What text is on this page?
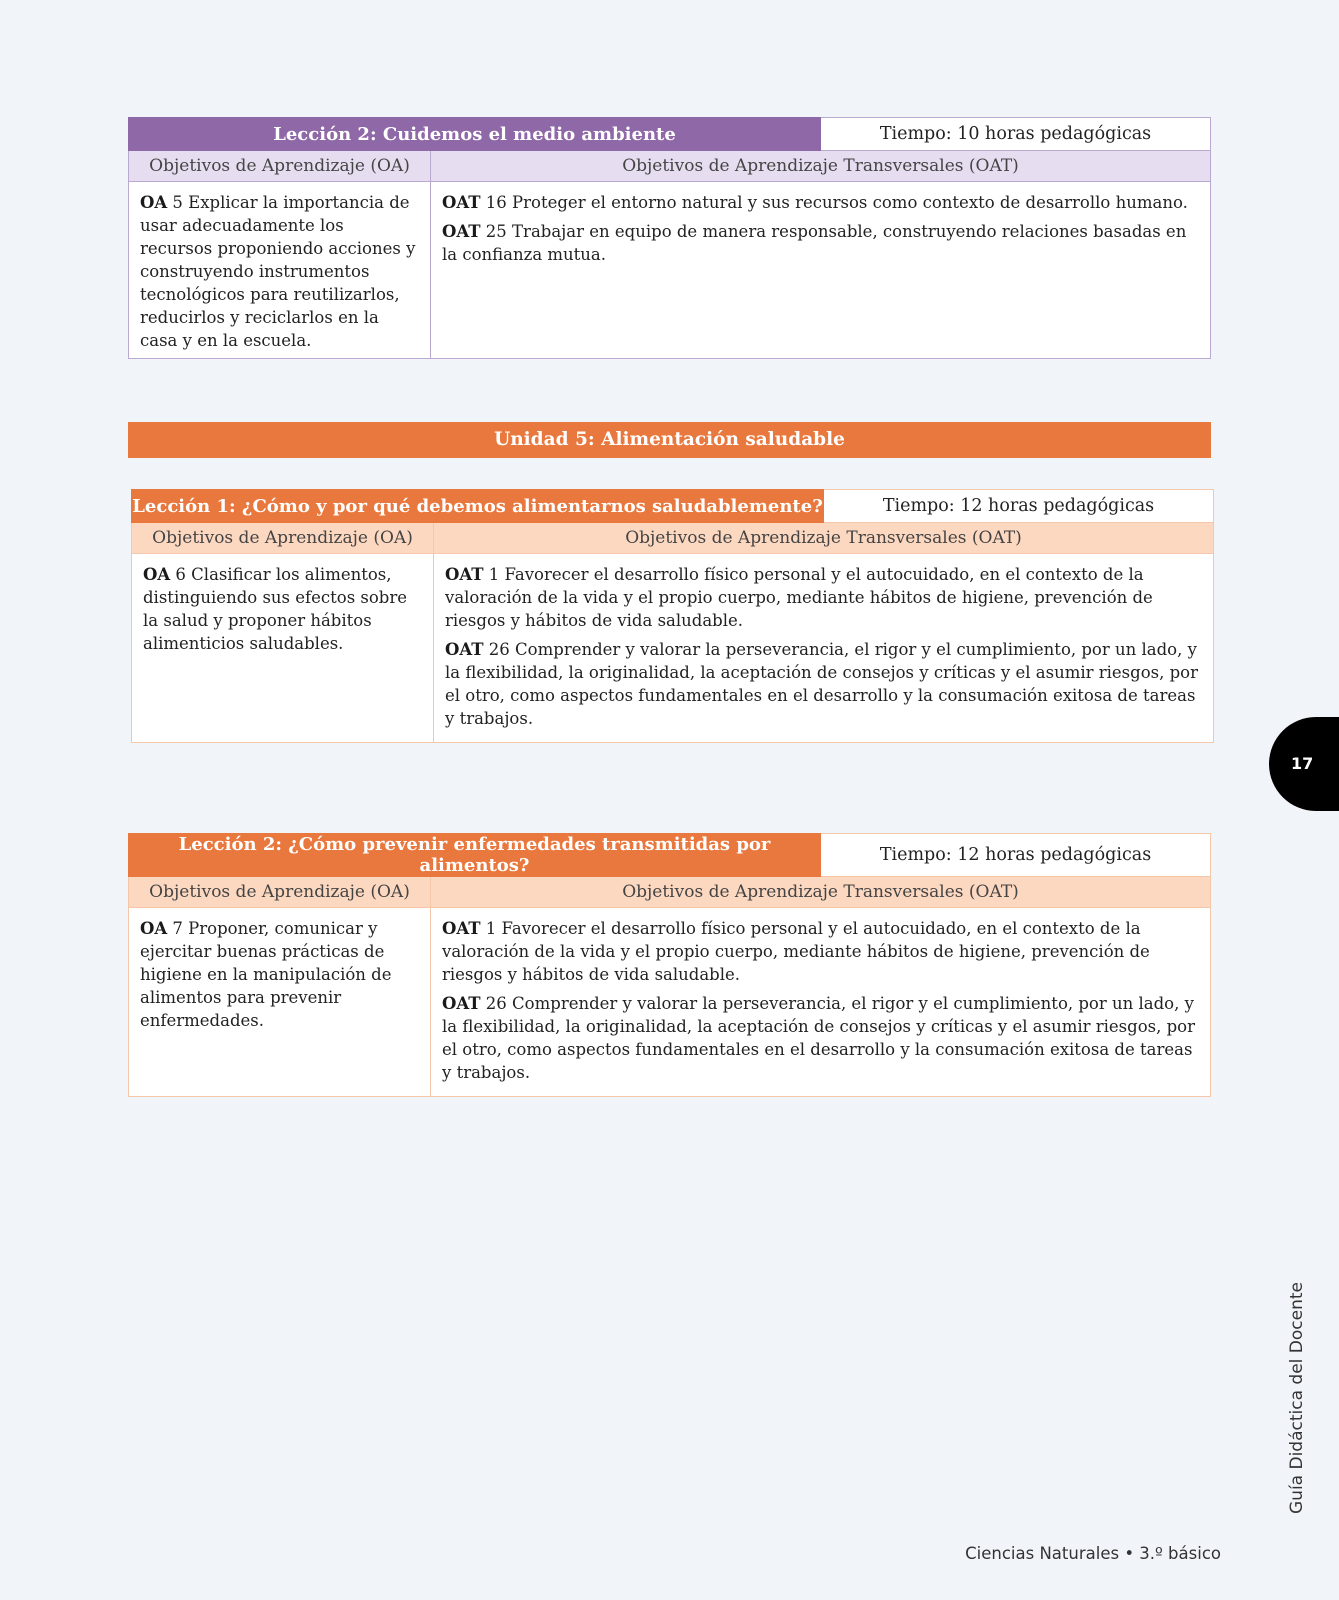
Lección 2: Cuidemos el medio ambiente		Tiempo: 10 horas pedagógicas
Objetivos de Aprendizaje (OA)	Objetivos de Aprendizaje Transversales (OAT)	
OA 5 Explicar la importancia de usar adecuadamente los recursos proponiendo acciones y construyendo instrumentos tecnológicos para reutilizarlos, reducirlos y reciclarlos en la casa y en la escuela.	OAT 16 Proteger el entorno natural y sus recursos como contexto de desarrollo humano.

OAT 25 Trabajar en equipo de manera responsable, construyendo relaciones basadas en la confianza mutua.	

Unidad 5: Alimentación saludable
Lección 1: ¿Cómo y por qué debemos alimentarnos saludablemente?		Tiempo: 12 horas pedagógicas
Objetivos de Aprendizaje (OA)	Objetivos de Aprendizaje Transversales (OAT)	
OA 6 Clasificar los alimentos, distinguiendo sus efectos sobre la salud y proponer hábitos alimenticios saludables.	OAT 1 Favorecer el desarrollo físico personal y el autocuidado, en el contexto de la valoración de la vida y el propio cuerpo, mediante hábitos de higiene, prevención de riesgos y hábitos de vida saludable.

OAT 26 Comprender y valorar la perseverancia, el rigor y el cumplimiento, por un lado, y la flexibilidad, la originalidad, la aceptación de consejos y críticas y el asumir riesgos, por el otro, como aspectos fundamentales en el desarrollo y la consumación exitosa de tareas y trabajos.	

17
Lección 2: ¿Cómo prevenir enfermedades transmitidas por alimentos?		Tiempo: 12 horas pedagógicas
Objetivos de Aprendizaje (OA)	Objetivos de Aprendizaje Transversales (OAT)	
OA 7 Proponer, comunicar y ejercitar buenas prácticas de higiene en la manipulación de alimentos para prevenir enfermedades.	OAT 1 Favorecer el desarrollo físico personal y el autocuidado, en el contexto de la valoración de la vida y el propio cuerpo, mediante hábitos de higiene, prevención de riesgos y hábitos de vida saludable.

OAT 26 Comprender y valorar la perseverancia, el rigor y el cumplimiento, por un lado, y la flexibilidad, la originalidad, la aceptación de consejos y críticas y el asumir riesgos, por el otro, como aspectos fundamentales en el desarrollo y la consumación exitosa de tareas y trabajos.	

Guía Didáctica del Docente
Ciencias Naturales • 3.º básico
